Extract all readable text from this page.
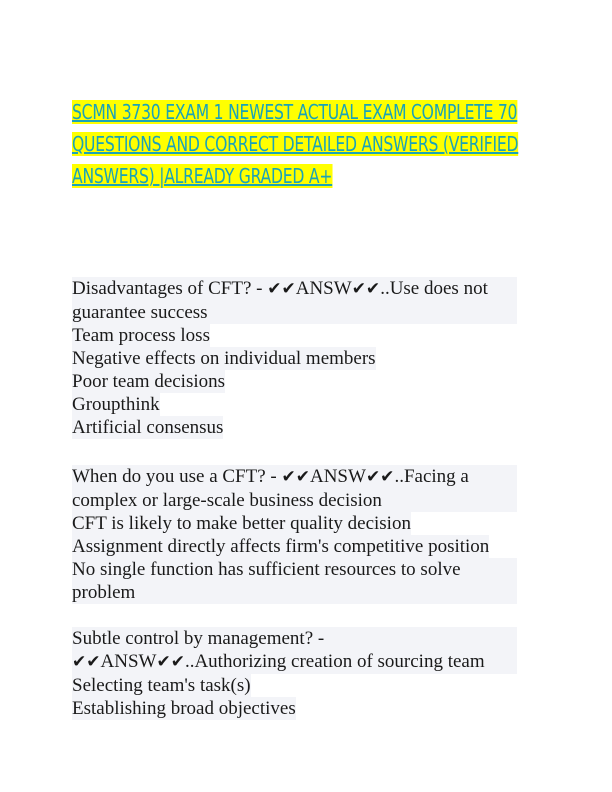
SCMN 3730 EXAM 1 NEWEST ACTUAL EXAM COMPLETE 70 QUESTIONS AND CORRECT DETAILED ANSWERS (VERIFIED ANSWERS) |ALREADY GRADED A+
Disadvantages of CFT? - ✔✔ANSW✔✔..Use does not guarantee success
Team process loss
Negative effects on individual members
Poor team decisions
Groupthink
Artificial consensus
When do you use a CFT? - ✔✔ANSW✔✔..Facing a complex or large-scale business decision
CFT is likely to make better quality decision
Assignment directly affects firm's competitive position
No single function has sufficient resources to solve problem
Subtle control by management? - ✔✔ANSW✔✔..Authorizing creation of sourcing team
Selecting team's task(s)
Establishing broad objectives
